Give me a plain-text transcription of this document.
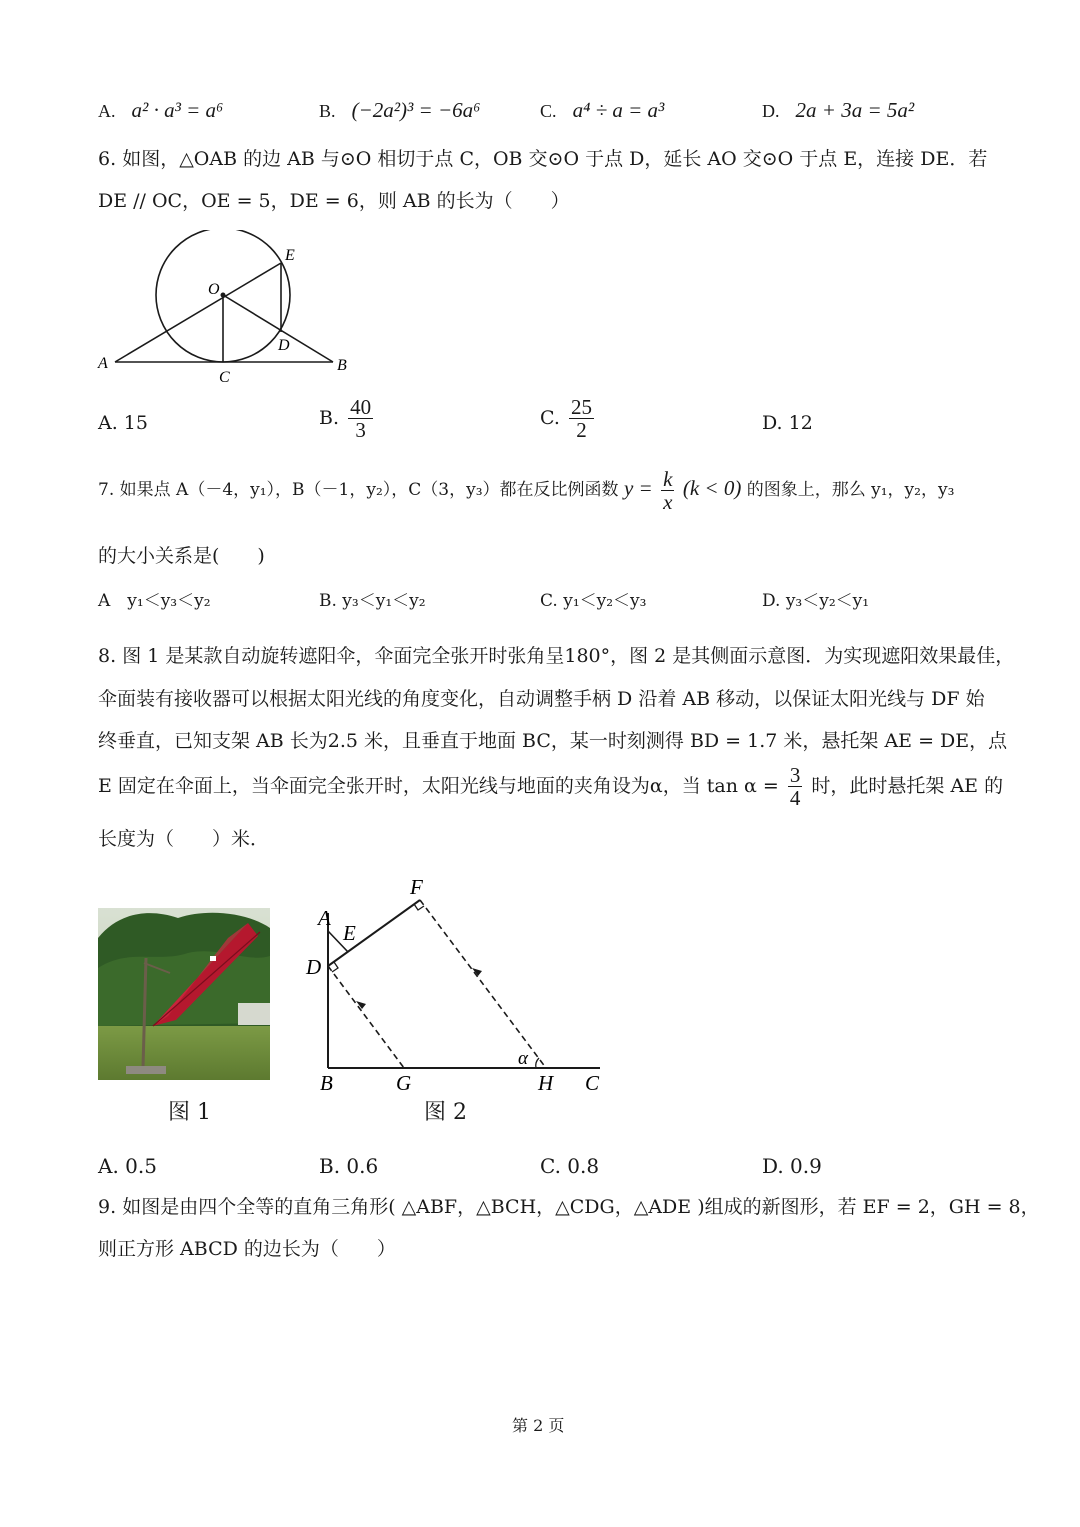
A. a² · a³ = a⁶	B. (−2a²)³ = −6a⁶	C. a⁴ ÷ a = a³	D. 2a + 3a = 5a²
6. 如图，△OAB 的边 AB 与⊙O 相切于点 C，OB 交⊙O 于点 D，延长 AO 交⊙O 于点 E，连接 DE．若
DE // OC，OE = 5，DE = 6，则 AB 的长为（　　）
O
E
D
A	B
C
A. 15	B. $\frac{40}{3}$	C. $\frac{25}{2}$	D. 12
7. 如果点 A（－4，y₁），B（－1，y₂），C（3，y₃）都在反比例函数 $y = \frac{k}{x} (k < 0)$ 的图象上，那么 y₁，y₂，y₃
的大小关系是(　　)
A　y₁＜y₃＜y₂	B. y₃＜y₁＜y₂	C. y₁＜y₂＜y₃	D. y₃＜y₂＜y₁
8. 图 1 是某款自动旋转遮阳伞，伞面完全张开时张角呈180°，图 2 是其侧面示意图．为实现遮阳效果最佳，
伞面装有接收器可以根据太阳光线的角度变化，自动调整手柄 D 沿着 AB 移动，以保证太阳光线与 DF 始
终垂直，已知支架 AB 长为2.5 米，且垂直于地面 BC，某一时刻测得 BD = 1.7 米，悬托架 AE = DE，点
E 固定在伞面上，当伞面完全张开时，太阳光线与地面的夹角设为α，当 $\tan \alpha = \frac{3}{4}$ 时，此时悬托架 AE 的
长度为（　　）米．
图 1
F
A
E
D
α
B	G	H C
图 2
A. 0.5	B. 0.6	C. 0.8	D. 0.9
9. 如图是由四个全等的直角三角形( △ABF，△BCH，△CDG，△ADE )组成的新图形，若 EF = 2，GH = 8，
则正方形 ABCD 的边长为（　　）
第 2 页
